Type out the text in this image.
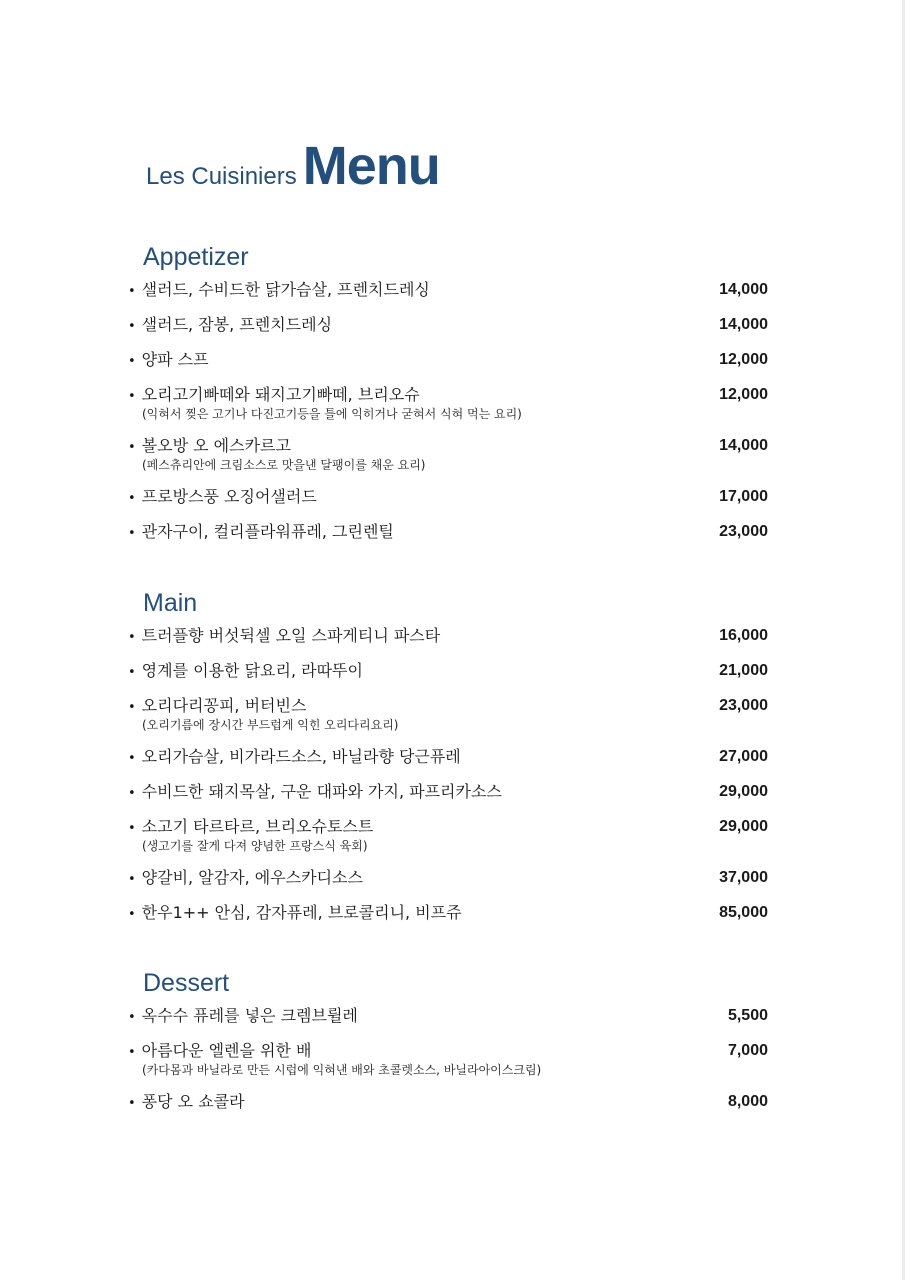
Les Cuisiniers Menu
Appetizer
• 샐러드, 수비드한 닭가슴살, 프렌치드레싱	14,000
• 샐러드, 잠봉, 프렌치드레싱	14,000
• 양파 스프	12,000
• 오리고기빠떼와 돼지고기빠떼, 브리오슈	12,000
(익혀서 찢은 고기나 다진고기등을 틀에 익히거나 굳혀서 식혀 먹는 요리)
• 볼오방 오 에스카르고	14,000
(페스츄리안에 크림소스로 맛을낸 달팽이를 채운 요리)
• 프로방스풍 오징어샐러드	17,000
• 관자구이, 컬리플라워퓨레, 그린렌틸	23,000
Main
• 트러플향 버섯뒥셀 오일 스파게티니 파스타	16,000
• 영계를 이용한 닭요리, 라따뚜이	21,000
• 오리다리꽁피, 버터빈스	23,000
(오리기름에 장시간 부드럽게 익힌 오리다리요리)
• 오리가슴살, 비가라드소스, 바닐라향 당근퓨레	27,000
• 수비드한 돼지목살, 구운 대파와 가지, 파프리카소스	29,000
• 소고기 타르타르, 브리오슈토스트	29,000
(생고기를 잘게 다져 양념한 프랑스식 육회)
• 양갈비, 알감자, 에우스카디소스	37,000
• 한우1++ 안심, 감자퓨레, 브로콜리니, 비프쥬	85,000
Dessert
• 옥수수 퓨레를 넣은 크렘브륄레	5,500
• 아름다운 엘렌을 위한 배	7,000
(카다몸과 바닐라로 만든 시럽에 익혀낸 배와 초콜렛소스, 바닐라아이스크림)
• 퐁당 오 쇼콜라	8,000
